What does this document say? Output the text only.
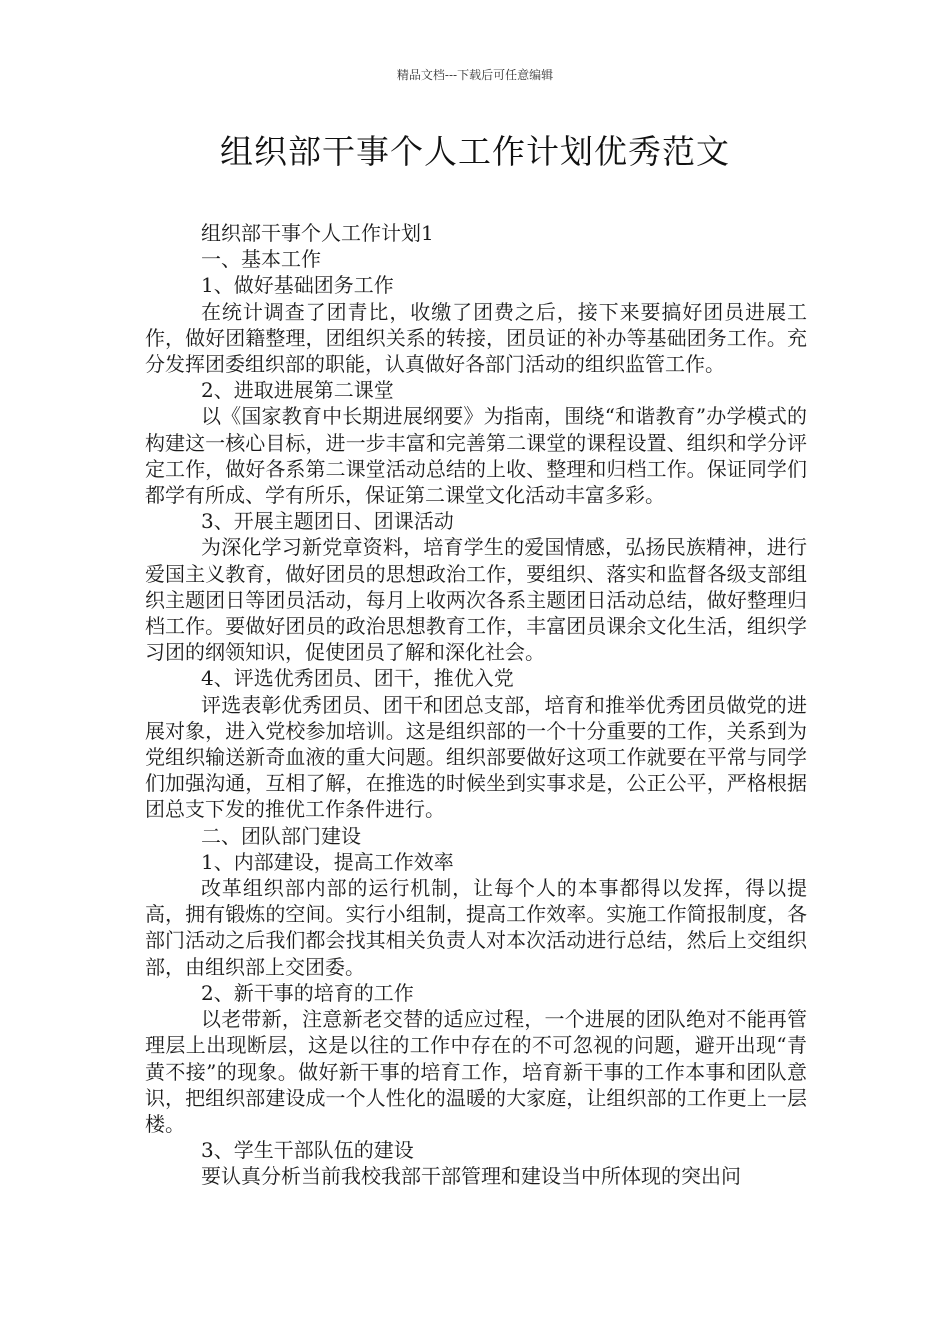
精品文档---下载后可任意编辑
组织部干事个人工作计划优秀范文

组织部干事个人工作计划1

一、基本工作

1、做好基础团务工作

在统计调查了团青比，收缴了团费之后，接下来要搞好团员进展工作，做好团籍整理，团组织关系的转接，团员证的补办等基础团务工作。充分发挥团委组织部的职能，认真做好各部门活动的组织监管工作。

2、进取进展第二课堂

以《国家教育中长期进展纲要》为指南，围绕“和谐教育”办学模式的构建这一核心目标，进一步丰富和完善第二课堂的课程设置、组织和学分评定工作，做好各系第二课堂活动总结的上收、整理和归档工作。保证同学们都学有所成、学有所乐，保证第二课堂文化活动丰富多彩。

3、开展主题团日、团课活动

为深化学习新党章资料，培育学生的爱国情感，弘扬民族精神，进行爱国主义教育，做好团员的思想政治工作，要组织、落实和监督各级支部组织主题团日等团员活动，每月上收两次各系主题团日活动总结，做好整理归档工作。要做好团员的政治思想教育工作，丰富团员课余文化生活，组织学习团的纲领知识，促使团员了解和深化社会。

4、评选优秀团员、团干，推优入党

评选表彰优秀团员、团干和团总支部，培育和推举优秀团员做党的进展对象，进入党校参加培训。这是组织部的一个十分重要的工作，关系到为党组织输送新奇血液的重大问题。组织部要做好这项工作就要在平常与同学们加强沟通，互相了解，在推选的时候坐到实事求是，公正公平，严格根据团总支下发的推优工作条件进行。

二、团队部门建设

1、内部建设，提高工作效率

改革组织部内部的运行机制，让每个人的本事都得以发挥，得以提高，拥有锻炼的空间。实行小组制，提高工作效率。实施工作简报制度，各部门活动之后我们都会找其相关负责人对本次活动进行总结，然后上交组织部，由组织部上交团委。

2、新干事的培育的工作

以老带新，注意新老交替的适应过程，一个进展的团队绝对不能再管理层上出现断层，这是以往的工作中存在的不可忽视的问题，避开出现“青黄不接”的现象。做好新干事的培育工作，培育新干事的工作本事和团队意识，把组织部建设成一个人性化的温暖的大家庭，让组织部的工作更上一层楼。

3、学生干部队伍的建设

要认真分析当前我校我部干部管理和建设当中所体现的突出问
